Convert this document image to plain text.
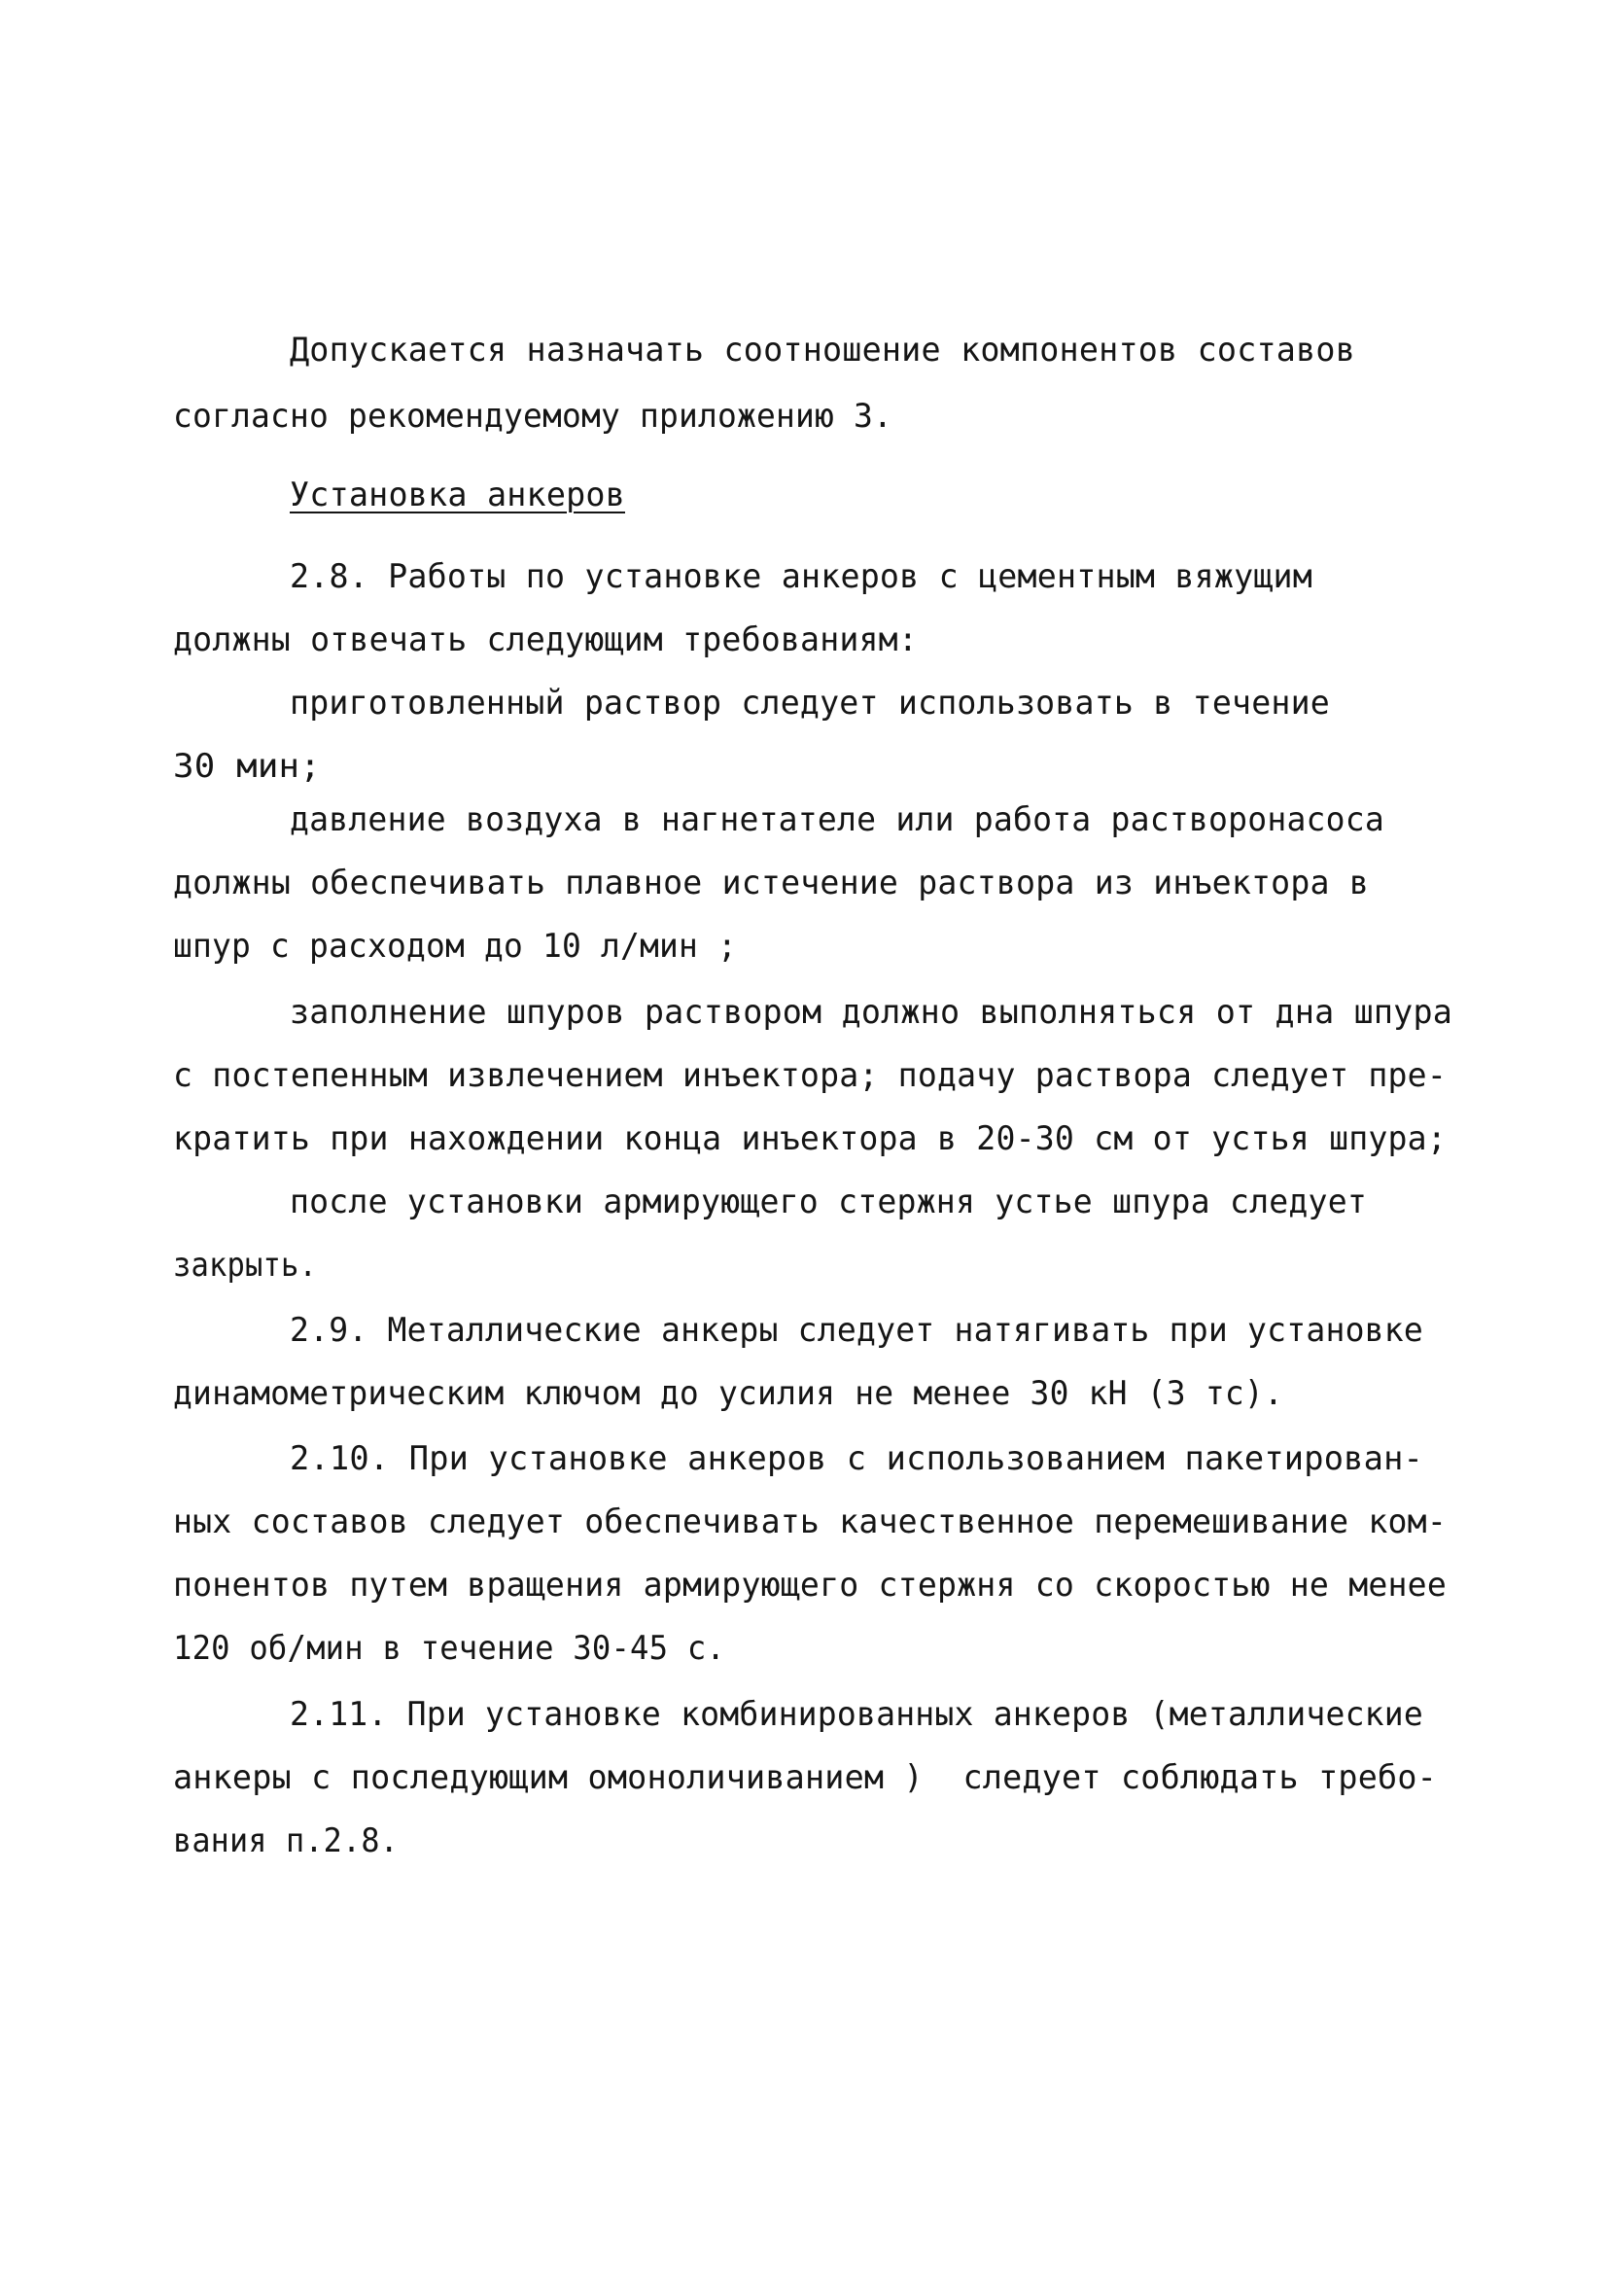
Допускается назначать соотношение компонентов составов
согласно рекомендуемому приложению 3.
Установка анкеров
2.8. Работы по установке анкеров с цементным вяжущим
должны отвечать следующим требованиям:
приготовленный раствор следует использовать в течение
30 мин;
давление воздуха в нагнетателе или работа растворонасоса
должны обеспечивать плавное истечение раствора из инъектора в
шпур с расходом до 10 л/мин ;
заполнение шпуров раствором должно выполняться от дна шпура
с постепенным извлечением инъектора; подачу раствора следует пре-
кратить при нахождении конца инъектора в 20-30 см от устья шпура;
после установки армирующего стержня устье шпура следует
закрыть.
2.9. Металлические анкеры следует натягивать при установке
динамометрическим ключом до усилия не менее 30 кН (3 тс).
2.10. При установке анкеров с использованием пакетирован-
ных составов следует обеспечивать качественное перемешивание ком-
понентов путем вращения армирующего стержня со скоростью не менее
120 об/мин в течение 30-45 с.
2.11. При установке комбинированных анкеров (металлические
анкеры с последующим омоноличиванием )  следует соблюдать требо-
вания п.2.8.
